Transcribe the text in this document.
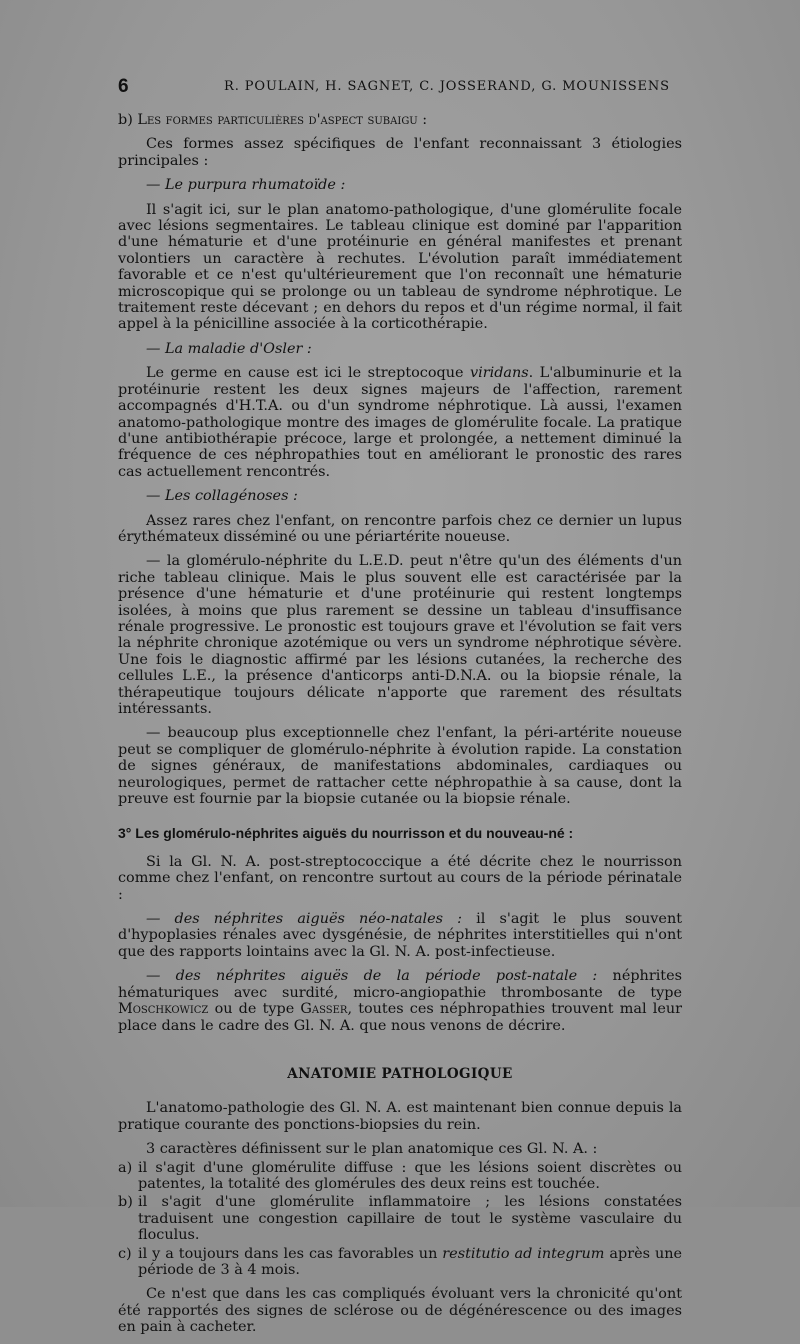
6	R. POULAIN, H. SAGNET, C. JOSSERAND, G. MOUNISSENS

b) Les formes particulières d'aspect subaigu :

Ces formes assez spécifiques de l'enfant reconnaissant 3 étiologies principales :

— Le purpura rhumatoïde :

Il s'agit ici, sur le plan anatomo-pathologique, d'une glomérulite focale avec lésions segmentaires. Le tableau clinique est dominé par l'apparition d'une hématurie et d'une protéinurie en général manifestes et prenant volontiers un caractère à rechutes. L'évolution paraît immédiatement favorable et ce n'est qu'ultérieurement que l'on reconnaît une hématurie microscopique qui se prolonge ou un tableau de syndrome néphrotique. Le traitement reste décevant ; en dehors du repos et d'un régime normal, il fait appel à la pénicilline associée à la corticothérapie.

— La maladie d'Osler :

Le germe en cause est ici le streptocoque viridans. L'albuminurie et la protéinurie restent les deux signes majeurs de l'affection, rarement accompagnés d'H.T.A. ou d'un syndrome néphrotique. Là aussi, l'examen anatomo-pathologique montre des images de glomérulite focale. La pratique d'une antibiothérapie précoce, large et prolongée, a nettement diminué la fréquence de ces néphropathies tout en améliorant le pronostic des rares cas actuellement rencontrés.

— Les collagénoses :

Assez rares chez l'enfant, on rencontre parfois chez ce dernier un lupus érythémateux disséminé ou une périartérite noueuse.

— la glomérulo-néphrite du L.E.D. peut n'être qu'un des éléments d'un riche tableau clinique. Mais le plus souvent elle est caractérisée par la présence d'une hématurie et d'une protéinurie qui restent longtemps isolées, à moins que plus rarement se dessine un tableau d'insuffisance rénale progressive. Le pronostic est toujours grave et l'évolution se fait vers la néphrite chronique azotémique ou vers un syndrome néphrotique sévère. Une fois le diagnostic affirmé par les lésions cutanées, la recherche des cellules L.E., la présence d'anticorps anti-D.N.A. ou la biopsie rénale, la thérapeutique toujours délicate n'apporte que rarement des résultats intéressants.

— beaucoup plus exceptionnelle chez l'enfant, la péri-artérite noueuse peut se compliquer de glomérulo-néphrite à évolution rapide. La constation de signes généraux, de manifestations abdominales, cardiaques ou neurologiques, permet de rattacher cette néphropathie à sa cause, dont la preuve est fournie par la biopsie cutanée ou la biopsie rénale.

3° Les glomérulo-néphrites aiguës du nourrisson et du nouveau-né :

Si la Gl. N. A. post-streptococcique a été décrite chez le nourrisson comme chez l'enfant, on rencontre surtout au cours de la période périnatale :

— des néphrites aiguës néo-natales : il s'agit le plus souvent d'hypoplasies rénales avec dysgénésie, de néphrites interstitielles qui n'ont que des rapports lointains avec la Gl. N. A. post-infectieuse.

— des néphrites aiguës de la période post-natale : néphrites hématuriques avec surdité, micro-angiopathie thrombosante de type Moschkowicz ou de type Gasser, toutes ces néphropathies trouvent mal leur place dans le cadre des Gl. N. A. que nous venons de décrire.

ANATOMIE PATHOLOGIQUE

L'anatomo-pathologie des Gl. N. A. est maintenant bien connue depuis la pratique courante des ponctions-biopsies du rein.

3 caractères définissent sur le plan anatomique ces Gl. N. A. :

a) il s'agit d'une glomérulite diffuse : que les lésions soient discrètes ou patentes, la totalité des glomérules des deux reins est touchée.
b) il s'agit d'une glomérulite inflammatoire ; les lésions constatées traduisent une congestion capillaire de tout le système vasculaire du floculus.
c) il y a toujours dans les cas favorables un restitutio ad integrum après une période de 3 à 4 mois.

Ce n'est que dans les cas compliqués évoluant vers la chronicité qu'ont été rapportés des signes de sclérose ou de dégénérescence ou des images en pain à cacheter.
